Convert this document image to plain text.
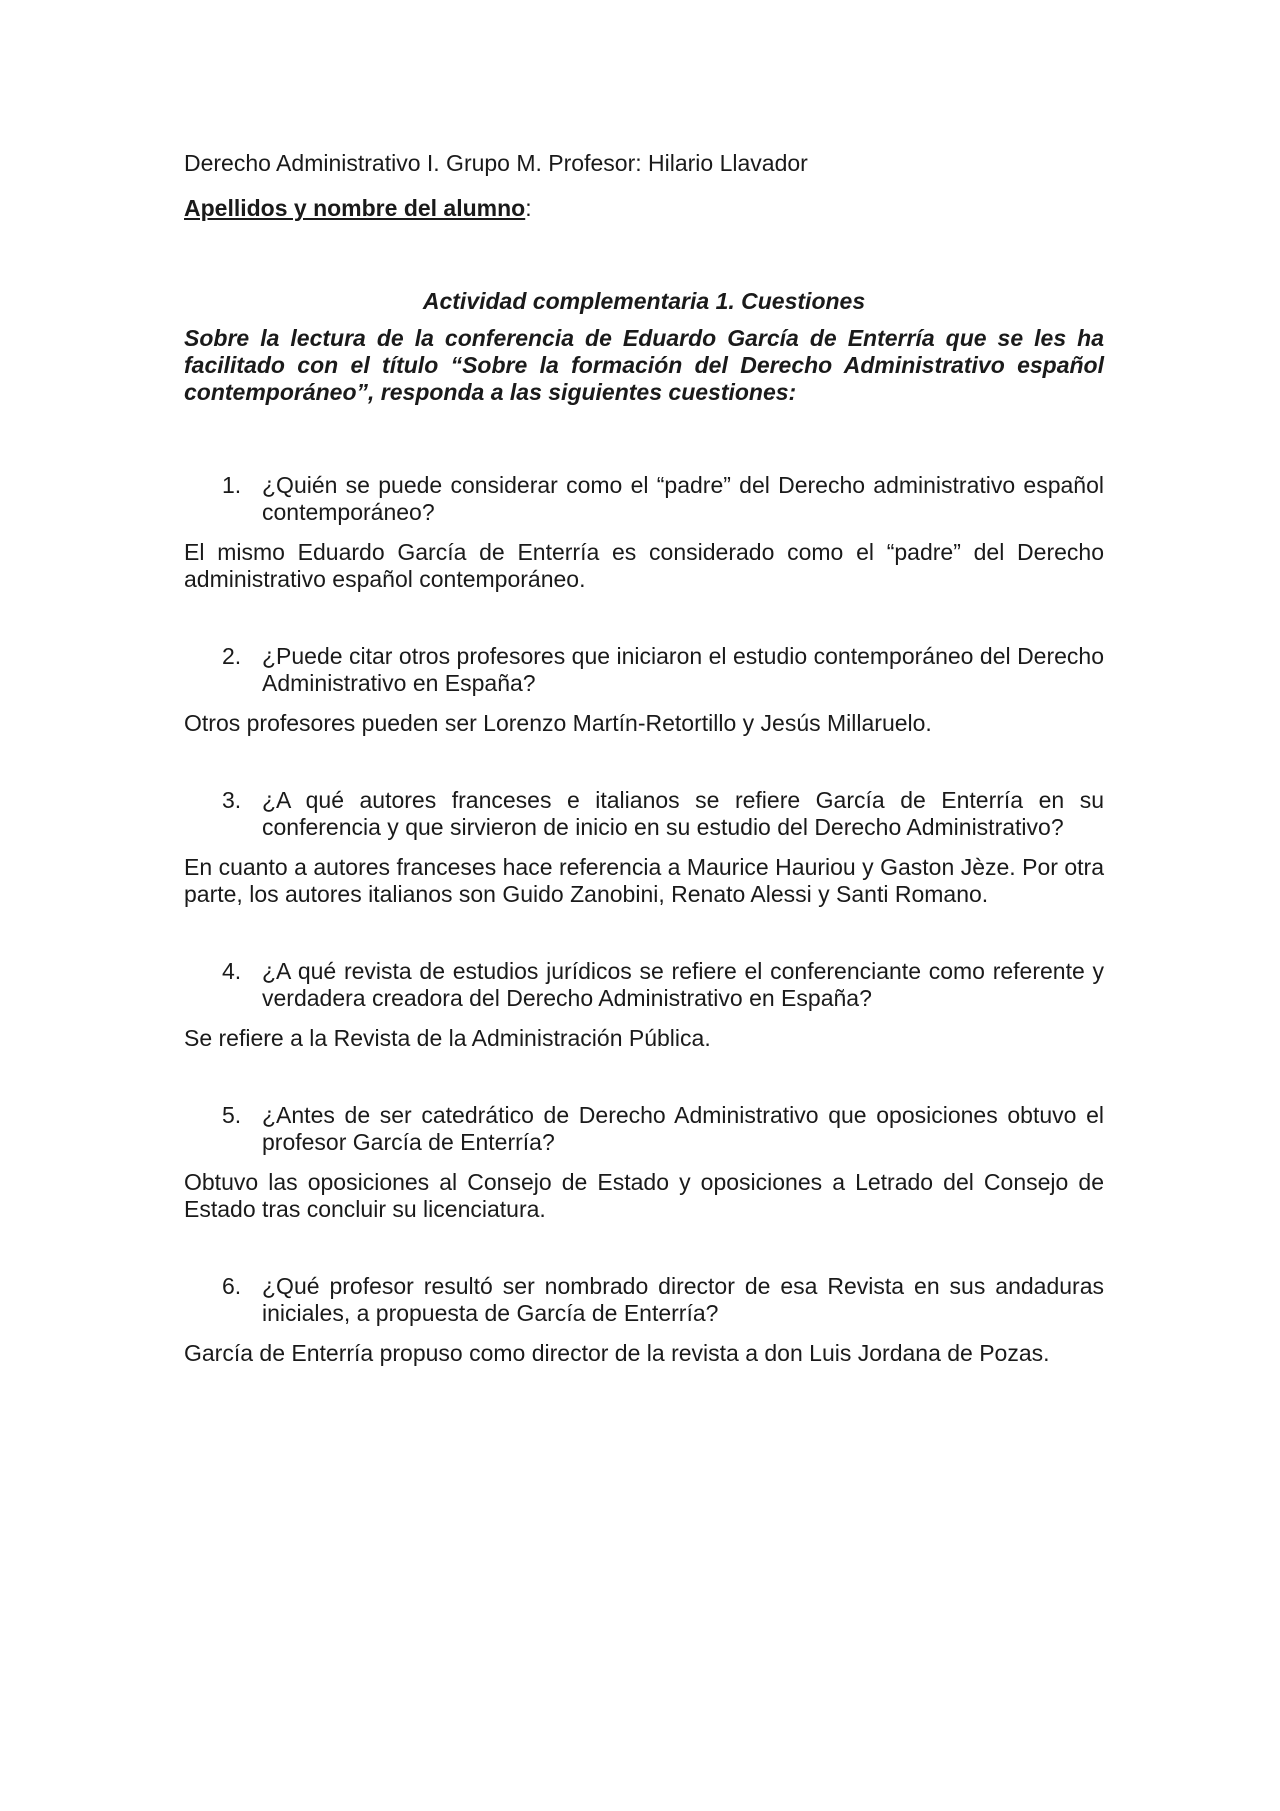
Derecho Administrativo I. Grupo M. Profesor: Hilario Llavador

Apellidos y nombre del alumno:
Actividad complementaria 1. Cuestiones
Sobre la lectura de la conferencia de Eduardo García de Enterría que se les ha facilitado con el título “Sobre la formación del Derecho Administrativo español contemporáneo”, responda a las siguientes cuestiones:
1. ¿Quién se puede considerar como el “padre” del Derecho administrativo español contemporáneo?
El mismo Eduardo García de Enterría es considerado como el “padre” del Derecho administrativo español contemporáneo.
2. ¿Puede citar otros profesores que iniciaron el estudio contemporáneo del Derecho Administrativo en España?
Otros profesores pueden ser Lorenzo Martín-Retortillo y Jesús Millaruelo.
3. ¿A qué autores franceses e italianos se refiere García de Enterría en su conferencia y que sirvieron de inicio en su estudio del Derecho Administrativo?
En cuanto a autores franceses hace referencia a Maurice Hauriou y Gaston Jèze. Por otra parte, los autores italianos son Guido Zanobini, Renato Alessi y Santi Romano.
4. ¿A qué revista de estudios jurídicos se refiere el conferenciante como referente y verdadera creadora del Derecho Administrativo en España?
Se refiere a la Revista de la Administración Pública.
5. ¿Antes de ser catedrático de Derecho Administrativo que oposiciones obtuvo el profesor García de Enterría?
Obtuvo las oposiciones al Consejo de Estado y oposiciones a Letrado del Consejo de Estado tras concluir su licenciatura.
6. ¿Qué profesor resultó ser nombrado director de esa Revista en sus andaduras iniciales, a propuesta de García de Enterría?
García de Enterría propuso como director de la revista a don Luis Jordana de Pozas.
